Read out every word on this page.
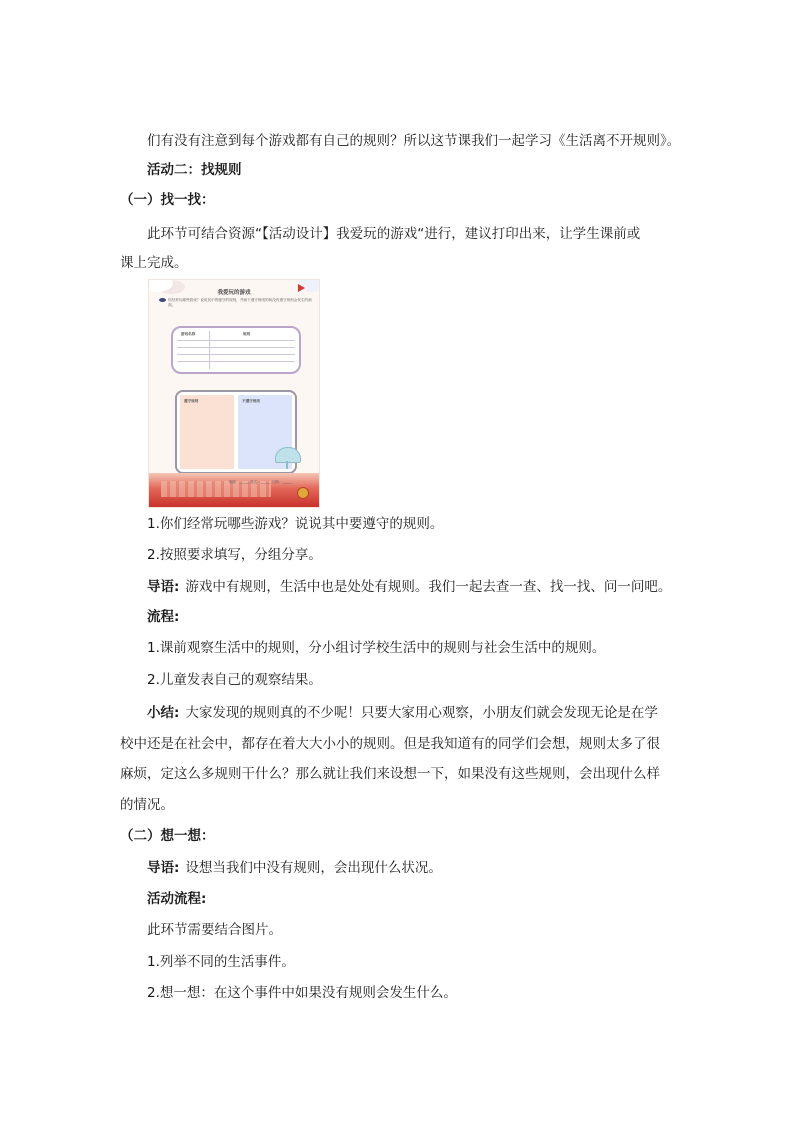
们有没有注意到每个游戏都有自己的规则？所以这节课我们一起学习《生活离不开规则》。

活动二：找规则

（一）找一找：

此环节可结合资源“【活动设计】我爱玩的游戏“进行，建议打印出来，让学生课前或

课上完成。

我爱玩的游戏
你经常玩哪些游戏？说说其中的遵守的规则，并画下遵守规则的和没有遵守规则会发生的画面。
游戏名称	规则
遵守规则	不遵守规则
班级：______ 姓名：______ 日期：______

1.你们经常玩哪些游戏？说说其中要遵守的规则。

2.按照要求填写，分组分享。

导语: 游戏中有规则，生活中也是处处有规则。我们一起去查一查、找一找、问一问吧。

流程:

1.课前观察生活中的规则，分小组讨学校生活中的规则与社会生活中的规则。

2.儿童发表自己的观察结果。

小结: 大家发现的规则真的不少呢！只要大家用心观察，小朋友们就会发现无论是在学

校中还是在社会中，都存在着大大小小的规则。但是我知道有的同学们会想，规则太多了很

麻烦，定这么多规则干什么？那么就让我们来设想一下，如果没有这些规则，会出现什么样

的情况。

（二）想一想：

导语: 设想当我们中没有规则，会出现什么状况。

活动流程:

此环节需要结合图片。

1.列举不同的生活事件。

2.想一想：在这个事件中如果没有规则会发生什么。
